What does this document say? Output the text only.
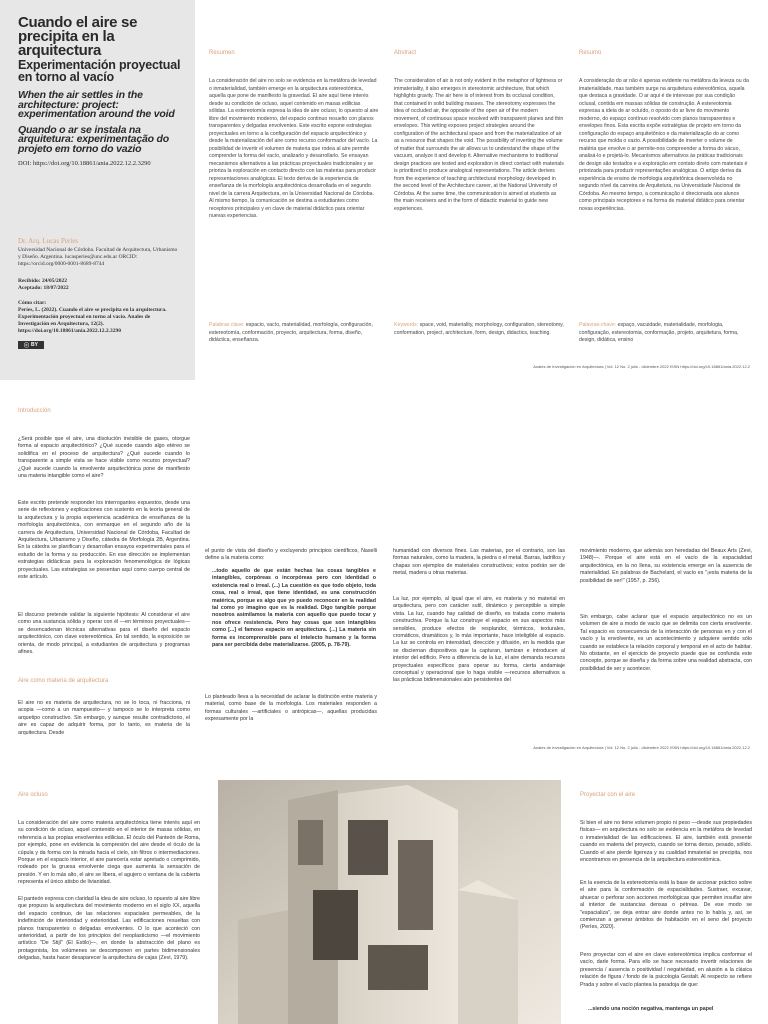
Cuando el aire se precipita en la arquitectura
Experimentación proyectual en torno al vacío
When the air settles in the architecture: project: experimentation around the void
Quando o ar se instala na arquitetura: experimentação do projeto em torno do vazio
DOI: https://doi.org/10.18861/ania.2022.12.2.3290
Dr. Arq. Lucas Períes
Universidad Nacional de Córdoba. Facultad de Arquitectura, Urbanismo y Diseño. Argentina. lucasperies@unc.edu.ar ORCID: https://orcid.org/0000-0001-8689-8744
Recibido: 24/05/2022
Aceptado: 18/07/2022
Cómo citar:
Períes, L. (2022). Cuando el aire se precipita en la arquitectura. Experimentación proyectual en torno al vacío. Anales de Investigación en Arquitectura, 12(2). https://doi.org/10.18861/ania.2022.12.2.3290
ⓒ BY
Resumen
La consideración del aire no solo se evidencia en la metáfora de levedad o inmaterialidad, también emerge en la arquitectura estereotómica, aquella que pone de manifiesto la gravedad. El aire aquí tiene interés desde su condición de ocluso, aquel contenido en masas edilicias sólidas. La estereotomía expresa la idea de aire ocluso, lo opuesto al aire libre del movimiento moderno, del espacio continuo resuelto con planos transparentes y delgadas envolventes. Este escrito expone estrategias proyectuales en torno a la configuración del espacio arquitectónico y desde la materialización del aire como recurso conformador del vacío. La posibilidad de invertir el volumen de materia que rodea al aire permite comprender la forma del vacío, analizarlo y desarrollarlo. Se ensayan mecanismos alternativos a las prácticas proyectuales tradicionales y se prioriza la exploración en contacto directo con las materias para producir representaciones analógicas. El texto deriva de la experiencia de enseñanza de la morfología arquitectónica desarrollada en el segundo nivel de la carrera Arquitectura, en la Universidad Nacional de Córdoba. Al mismo tiempo, la comunicación se destina a estudiantes como receptores principales y en clave de material didáctico para orientar nuevas experiencias.
Abstract
The consideration of air is not only evident in the metaphor of lightness or immateriality, it also emerges in stereotomic architecture, that which highlights gravity. The air here is of interest from its occlusal condition, that contained in solid building masses. The stereotomy expresses the idea of occluded air, the opposite of the open air of the modern movement, of continuous space resolved with transparent planes and thin envelopes. This writing exposes project strategies around the configuration of the architectural space and from the materialization of air as a resource that shapes the void. The possibility of inverting the volume of matter that surrounds the air allows us to understand the shape of the vacuum, analyze it and develop it. Alternative mechanisms to traditional design practices are tested and exploration in direct contact with materials is prioritized to produce analogical representations. The article derives from the experience of teaching architectural morphology developed in the second level of the Architecture career, at the National University of Córdoba. At the same time, the communication is aimed at students as the main receivers and in the form of didactic material to guide new experiences.
Resumo
A consideração do ar não é apenas evidente na metáfora da leveza ou da imaterialidade, mas também surge na arquitetura estereotômica, aquela que destaca a gravidade. O ar aqui é de interesse por sua condição oclusal, contida em massas sólidas de construção. A estereotomia expressa a ideia de ar ocluído, o oposto do ar livre do movimento moderno, do espaço contínuo resolvido com planos transparentes e envelopes finos. Esta escrita expõe estratégias de projeto em torno da configuração do espaço arquitetônico e da materialização do ar como recurso que molda o vazio. A possibilidade de inverter o volume de matéria que envolve o ar permite-nos compreender a forma do vácuo, analisá-lo e projetá-lo. Mecanismos alternativos às práticas tradicionais de design são testados e a exploração em contato direto com materiais é priorizada para produzir representações analógicas. O artigo deriva da experiência de ensino de morfologia arquitetônica desenvolvida no segundo nível da carreira de Arquitetura, na Universidade Nacional de Córdoba. Ao mesmo tempo, a comunicação é direcionada aos alunos como principais receptores e na forma de material didático para orientar novas experiências.
Palabras clave: espacio, vacío, materialidad, morfología, configuración, estereotomía, conformación, proyecto, arquitectura, forma, diseño, didáctica, enseñanza.
Keywords: space, void, materiality, morphology, configuration, stereotomy, conformation, project, architecture, form, design, didactics, teaching.
Palavras-chave: espaço, vacuidade, materialidade, morfologia, configuração, estereotomia, conformação, projeto, arquitetura, forma, design, didática, ensino
Anales de Investigación en Arquitectura | Vol. 12 No. 2 julio - diciembre 2022 ISSN https://doi.org/10.18861/ania.2022.12.2
Introducción
¿Será posible que el aire, una disolución invisible de gases, otorgue forma al espacio arquitectónico? ¿Qué sucede cuando algo etéreo se solidifica en el proceso de arquitectura? ¿Qué sucede cuando lo transparente a simple vista se hace visible como recurso proyectual? ¿Qué sucede cuando la envolvente arquitectónica pone de manifiesto una materia intangible como el aire?
Este escrito pretende responder los interrogantes expuestos, desde una serie de reflexiones y explicaciones con sustento en la teoría general de la arquitectura y la propia experiencia académica de enseñanza de la morfología arquitectónica, con enmarque en el segundo año de la carrera de Arquitectura, Universidad Nacional de Córdoba, Facultad de Arquitectura, Urbanismo y Diseño, cátedra de Morfología 2B, Argentina. En la cátedra se planifican y desarrollan ensayos experimentales para el estudio de la forma y su producción. En ese dirección se implementan estrategias didácticas para la exploración fenomenológica de lógicas proyectuales. Las estrategias se presentan aquí como cuerpo central de este artículo.
El discurso pretende validar la siguiente hipótesis: Al considerar el aire como una sustancia sólida y operar con él —en términos proyectuales— se desencadenan técnicas alternativas para el diseño del espacio arquitectónico, con clave estereotómica. En tal sentido, la exposición se orienta, de modo principal, a estudiantes de arquitectura y programas afines.
Aire como materia de arquitectura
El aire no es materia de arquitectura, no se lo toca, ni fracciona, ni acopia —como a un mampuesto— y tampoco se lo interpreta como arquetipo constructivo. Sin embargo, y aunque resulte contradictorio, el aire es capaz de adquirir forma, por lo tanto, es materia de la arquitectura. Desde
el punto de vista del diseño y excluyendo principios científicos, Naselli define a la materia como:
...todo aquello de que están hechas las cosas tangibles e intangibles, corpóreas o incorpóreas pero con identidad o existencia real o irreal. (...) La cuestión es que todo objeto, toda cosa, real o irreal, que tiene identidad, es una construcción matérica, porque es algo que yo puedo reconocer en la realidad tal como yo imagino que es la realidad. Digo tangible porque nosotros asimilamos la materia con aquello que puedo tocar y nos ofrece resistencia. Pero hay cosas que son intangibles como [...] el famoso espacio en arquitectura. (...) La materia sin forma es incomprensible para el intelecto humano y la forma para ser percibida debe materializarse. (2005, p. 78-79).
Lo planteado lleva a la necesidad de aclarar la distinción entre materia y material, como base de la morfología. Los materiales responden a formas culturales —artificiales o antrópicas—, aquellas producidas expresamente por la
humanidad con diversos fines. Las materias, por el contrario, son las formas naturales, como la madera, la piedra o el metal. Barras, ladrillos y chapas son ejemplos de materiales constructivos; estos podrán ser de metal, madera u otras materias.
La luz, por ejemplo, al igual que el aire, es materia y no material en arquitectura, pero con carácter sutil, dinámico y perceptible a simple vista. La luz, cuando hay calidad de diseño, es tratada como materia constructiva. Porque la luz construye el espacio en sus aspectos más sensibles, produce efectos de resplandor, térmicos, texturales, cromáticos, dramáticos y, lo más importante, hace inteligible al espacio. La luz se controla en intensidad, dirección y difusión, en la medida que se disciernan dispositivos que la capturan, tamizan e introducen al interior del edificio. Pero a diferencia de la luz, el aire demanda recursos proyectuales específicos para operar su forma, cierta andamiaje conceptual y operacional que lo haga visible —recursos alternativos a las prácticas bidimensionales aún persistentes del
movimiento moderno, que además son heredadas del Beaux Arts (Zevi, 1948)—. Porque el aire está en el vacío de la espacialidad arquitectónica, en la no llena, su existencia emerge en la ausencia de materialidad. En palabras de Bachelard, el vacío es "¡esta materia de la posibilidad de ser!" (1957, p. 256).
Sin embargo, cabe aclarar que el espacio arquitectónico no es un volumen de aire a modo de vacío que se delimita con cierta envolvente. Tal espacio es consecuencia de la interacción de personas en y con el vacío y la envolvente, es un acontecimiento y adquiere sentido sólo cuando se establece la relación corporal y temporal en el acto de habitar. No obstante, en el ejercicio de proyecto puede que se confunda este concepto, porque se diseña y da forma sobre una realidad abstracta, con posibilidad de ser y acontecer.
Anales de Investigación en Arquitectura | Vol. 12 No. 2 julio - diciembre 2022 ISSN https://doi.org/10.18861/ania.2022.12.2
Aire ocluso
La consideración del aire como materia arquitectónica tiene interés aquí en su condición de ocluso, aquel contenido en el interior de masas sólidas, en referencia a las propias envolventes edilicias. El óculo del Panteón de Roma, por ejemplo, pone en evidencia la compresión del aire desde el óculo de la cúpula y da forma con la mirada hacia el cielo, sin filtros o intermediaciones. Porque en el espacio interior, el aire parecería estar apretado o comprimido, rodeado por la gruesa envolvente ciega que aumenta la sensación de presión. Y en lo más alto, el aire se libera, el agujero o ventana de la cubierta representa el único atisbo de livianidad.
El panteón expresa con claridad la idea de aire ocluso, lo opuesto al aire libre que propuso la arquitectura del movimiento moderno en el siglo XX, aquella del espacio continuo, de las relaciones espaciales permeables, de la indefinición de interioridad y exterioridad. Las edificaciones resueltas con planos transparentes o delgadas envolventes. O lo que aconteció con anterioridad, a partir de los principios del neoplasticismo —el movimiento artístico "De Stijl" (El Estilo)—, en donde la abstracción del plano es protagonista, los volúmenes se descomponen en partes bidimensionales delgadas, hasta hacer desaparecer la arquitectura de cajas (Zevi, 1979).
Proyectar con el aire
Si bien el aire no tiene volumen propio ni peso —desde sus propiedades físicas— en arquitectura no solo se evidencia en la metáfora de levedad o inmaterialidad de las edificaciones. El aire, también está presente cuando es materia del proyecto, cuando se torna denso, pesado, sólido. Cuando el aire pierde ligereza y su cualidad inmaterial se precipita, nos encontramos en presencia de la arquitectura estereotómica.
En la esencia de la estereotomía está la base de accionar práctico sobre el aire para la conformación de espacialidades. Sustraer, excavar, ahuecar o perforar son acciones morfológicas que permiten insuflar aire al interior de sustancias densas o pétreas. De ese modo se "espacializa", se deja entrar aire donde antes no lo había y, así, se comienzan a generar ámbitos de habitación en el seno del proyecto (Períes, 2020).
Pero proyectar con el aire en clave estereotómica implica conformar el vacío, darle forma. Para ello se hace necesario invertir relaciones de presencia / ausencia o positividad / negatividad, en alusión a la clásica relación de figura / fondo de la psicología Gestalt. Al respecto se refiere Prada y sobre el vacío plantea la paradoja de que:
...siendo una noción negativa, mantenga un papel
